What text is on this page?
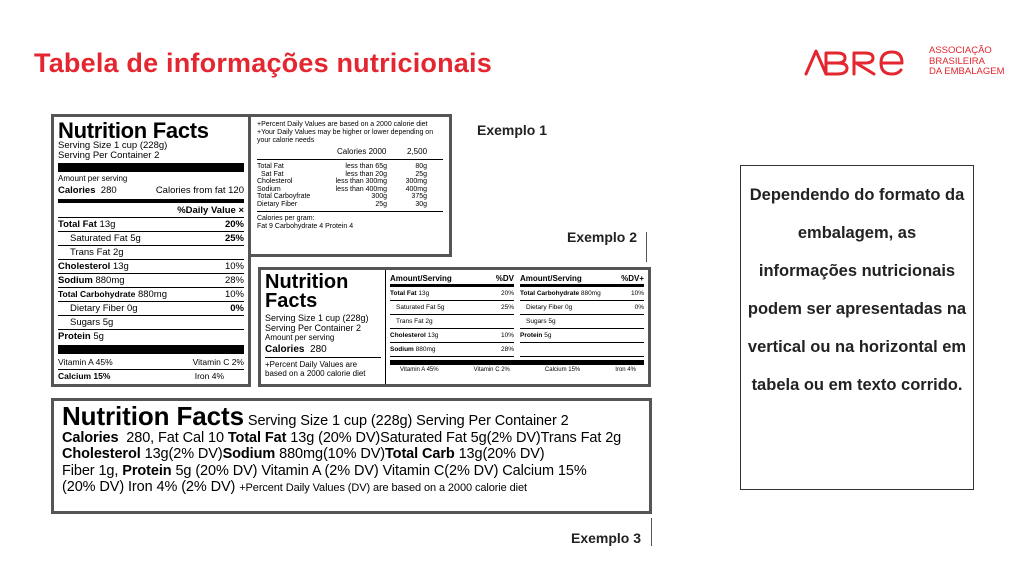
Tabela de informações nutricionais	ASSOCIAÇÃO
BRASILEIRA
DA EMBALAGEM
Dependendo do formato da embalagem, as informações nutricionais podem ser apresentadas na vertical ou na horizontal em tabela ou em texto corrido.
Exemplo 1
Exemplo 2
Exemplo 3
Nutrition Facts
Serving Size 1 cup (228g)
Serving Per Container 2
Amount per serving
Calories 280	Calories from fat 120
%Daily Value ×
Total Fat 13g	20%
Saturated Fat 5g	25%
Trans Fat 2g
Cholesterol 13g	10%
Sodium 880mg	28%
Total Carbohydrate 880mg	10%
Dietary Fiber 0g	0%
Sugars 5g
Protein 5g
Vitamin A 45%	Vitamin C 2%
Calcium 15%	Iron 4%
+Percent Daily Values are based on a 2000 calorie diet
+Your Daily Values may be higher or lower depending on your calorie needs
Calories 2000	2,500
Total Fat	less than 65g	80g
Sat Fat	less than 20g	25g
Cholesterol	less than 300mg	300mg
Sodium	less than 400mg	400mg
Total Carboyfrate	300g	375g
Dietary Fiber	25g	30g
Calories per gram:
Fat 9 Carbohydrate 4 Protein 4
Nutrition
Facts
Serving Size 1 cup (228g)
Serving Per Container 2
Amount per serving
Calories 280
+Percent Daily Values are based on a 2000 calorie diet
Amount/Serving	%DV
Total Fat 13g	20%
Saturated Fat 5g	25%
Trans Fat 2g
Cholesterol 13g	10%
Sodium 880mg	28%
Amount/Serving	%DV+
Total Carbohydrate 880mg	10%
Dietary Fiber 0g	0%
Sugars 5g
Protein 5g

Vitamin A 45%	Vitamin C 2%	Calcium 15%	Iron 4%
Nutrition Facts Serving Size 1 cup (228g) Serving Per Container 2
Calories 280, Fat Cal 10 Total Fat 13g (20% DV)Saturated Fat 5g(2% DV)Trans Fat 2g
Cholesterol 13g(2% DV)Sodium 880mg(10% DV)Total Carb 13g(20% DV)
Fiber 1g, Protein 5g (20% DV) Vitamin A (2% DV) Vitamin C(2% DV) Calcium 15%
(20% DV) Iron 4% (2% DV) +Percent Daily Values (DV) are based on a 2000 calorie diet
